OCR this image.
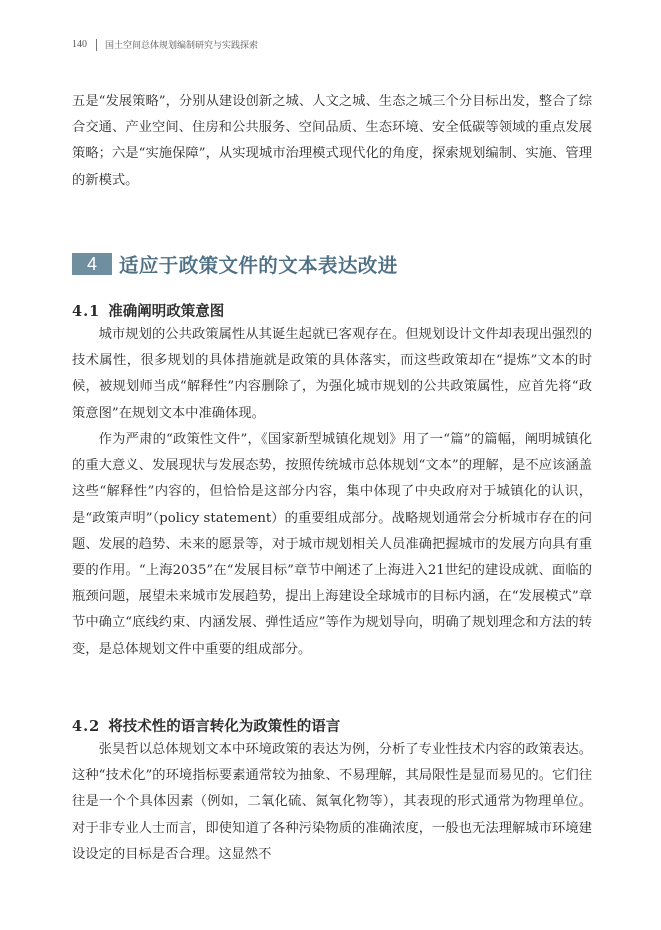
140 国土空间总体规划编制研究与实践探索

五是“发展策略”，分别从建设创新之城、人文之城、生态之城三个分目标出发，整合了综合交通、产业空间、住房和公共服务、空间品质、生态环境、安全低碳等领域的重点发展策略；六是“实施保障”，从实现城市治理模式现代化的角度，探索规划编制、实施、管理的新模式。

4	适应于政策文件的文本表达改进
4.1 准确阐明政策意图

城市规划的公共政策属性从其诞生起就已客观存在。但规划设计文件却表现出强烈的技术属性，很多规划的具体措施就是政策的具体落实，而这些政策却在“提炼”文本的时候，被规划师当成“解释性”内容删除了，为强化城市规划的公共政策属性，应首先将“政策意图”在规划文本中准确体现。

作为严肃的“政策性文件”，《国家新型城镇化规划》用了一“篇”的篇幅，阐明城镇化的重大意义、发展现状与发展态势，按照传统城市总体规划“文本”的理解，是不应该涵盖这些“解释性”内容的，但恰恰是这部分内容，集中体现了中央政府对于城镇化的认识，是“政策声明”（policy statement）的重要组成部分。战略规划通常会分析城市存在的问题、发展的趋势、未来的愿景等，对于城市规划相关人员准确把握城市的发展方向具有重要的作用。“上海2035”在“发展目标”章节中阐述了上海进入21世纪的建设成就、面临的瓶颈问题，展望未来城市发展趋势，提出上海建设全球城市的目标内涵，在“发展模式”章节中确立“底线约束、内涵发展、弹性适应”等作为规划导向，明确了规划理念和方法的转变，是总体规划文件中重要的组成部分。

4.2 将技术性的语言转化为政策性的语言

张昊哲以总体规划文本中环境政策的表达为例，分析了专业性技术内容的政策表达。这种“技术化”的环境指标要素通常较为抽象、不易理解，其局限性是显而易见的。它们往往是一个个具体因素（例如，二氧化硫、氮氧化物等），其表现的形式通常为物理单位。对于非专业人士而言，即使知道了各种污染物质的准确浓度，一般也无法理解城市环境建设设定的目标是否合理。这显然不
